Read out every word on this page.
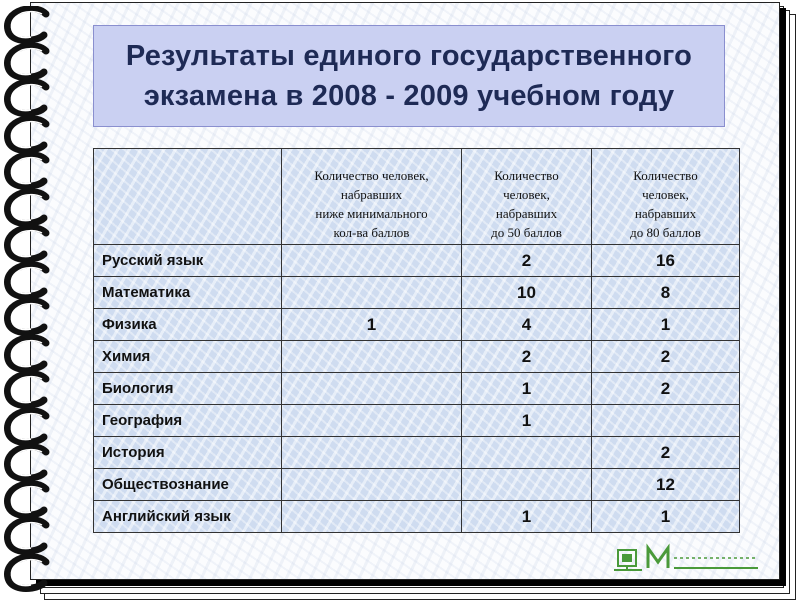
Результаты единого государственного
экзамена в 2008 - 2009 учебном году

	Количество человек,
набравших
ниже минимального
кол-ва баллов	Количество
человек,
набравших
до 50 баллов	Количество
человек,
набравших
до 80 баллов

Русский язык		2	16
Математика		10	8
Физика	1	4	1
Химия		2	2
Биология		1	2
География		1	
История			2
Обществознание			12
Английский язык		1	1
